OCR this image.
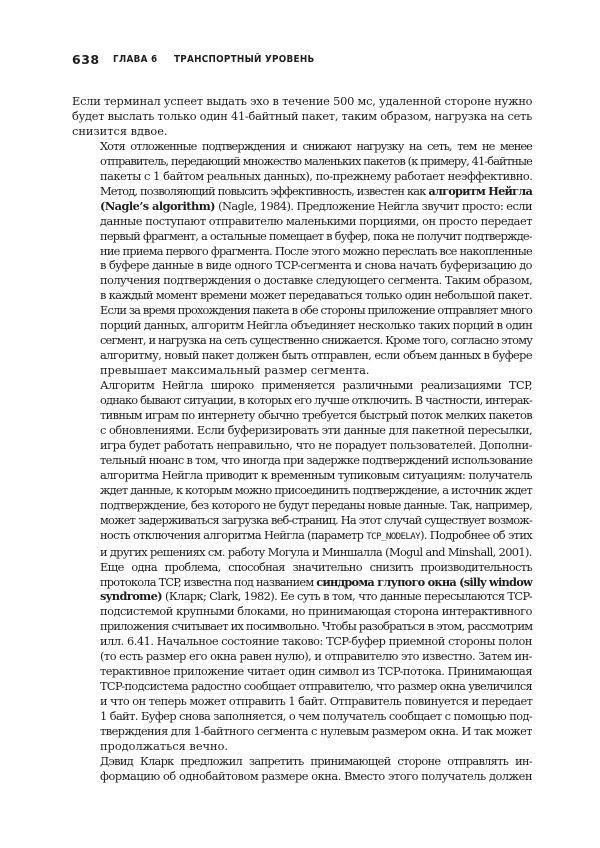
638 ГЛАВА 6 ТРАНСПОРТНЫЙ УРОВЕНЬ

Если терминал успеет выдать эхо в течение 500 мс, удаленной стороне нужно
будет выслать только один 41-байтный пакет, таким образом, нагрузка на сеть
снизится вдвое.

Хотя отложенные подтверждения и снижают нагрузку на сеть, тем не менее
отправитель, передающий множество маленьких пакетов (к примеру, 41-байтные
пакеты с 1 байтом реальных данных), по-прежнему работает неэффективно.
Метод, позволяющий повысить эффективность, известен как алгоритм Нейгла
(Nagle’s algorithm) (Nagle, 1984). Предложение Нейгла звучит просто: если
данные поступают отправителю маленькими порциями, он просто передает
первый фрагмент, а остальные помещает в буфер, пока не получит подтвержде-
ние приема первого фрагмента. После этого можно переслать все накопленные
в буфере данные в виде одного TCP-сегмента и снова начать буферизацию до
получения подтверждения о доставке следующего сегмента. Таким образом,
в каждый момент времени может передаваться только один небольшой пакет.
Если за время прохождения пакета в обе стороны приложение отправляет много
порций данных, алгоритм Нейгла объединяет несколько таких порций в один
сегмент, и нагрузка на сеть существенно снижается. Кроме того, согласно этому
алгоритму, новый пакет должен быть отправлен, если объем данных в буфере
превышает максимальный размер сегмента.

Алгоритм Нейгла широко применяется различными реализациями TCP,
однако бывают ситуации, в которых его лучше отключить. В частности, интерак-
тивным играм по интернету обычно требуется быстрый поток мелких пакетов
с обновлениями. Если буферизировать эти данные для пакетной пересылки,
игра будет работать неправильно, что не порадует пользователей. Дополни-
тельный нюанс в том, что иногда при задержке подтверждений использование
алгоритма Нейгла приводит к временным тупиковым ситуациям: получатель
ждет данные, к которым можно присоединить подтверждение, а источник ждет
подтверждение, без которого не будут переданы новые данные. Так, например,
может задерживаться загрузка веб-страниц. На этот случай существует возмож-
ность отключения алгоритма Нейгла (параметр TCP_NODELAY). Подробнее об этих
и других решениях см. работу Могула и Миншалла (Mogul and Minshall, 2001).

Еще одна проблема, способная значительно снизить производительность
протокола TCP, известна под названием синдрома глупого окна (silly window
syndrome) (Кларк; Clark, 1982). Ее суть в том, что данные пересылаются TCP-
подсистемой крупными блоками, но принимающая сторона интерактивного
приложения считывает их посимвольно. Чтобы разобраться в этом, рассмотрим
илл. 6.41. Начальное состояние таково: TCP-буфер приемной стороны полон
(то есть размер его окна равен нулю), и отправителю это известно. Затем ин-
терактивное приложение читает один символ из TCP-потока. Принимающая
TCP-подсистема радостно сообщает отправителю, что размер окна увеличился
и что он теперь может отправить 1 байт. Отправитель повинуется и передает
1 байт. Буфер снова заполняется, о чем получатель сообщает с помощью под-
тверждения для 1-байтного сегмента с нулевым размером окна. И так может
продолжаться вечно.

Дэвид Кларк предложил запретить принимающей стороне отправлять ин-
формацию об однобайтовом размере окна. Вместо этого получатель должен
